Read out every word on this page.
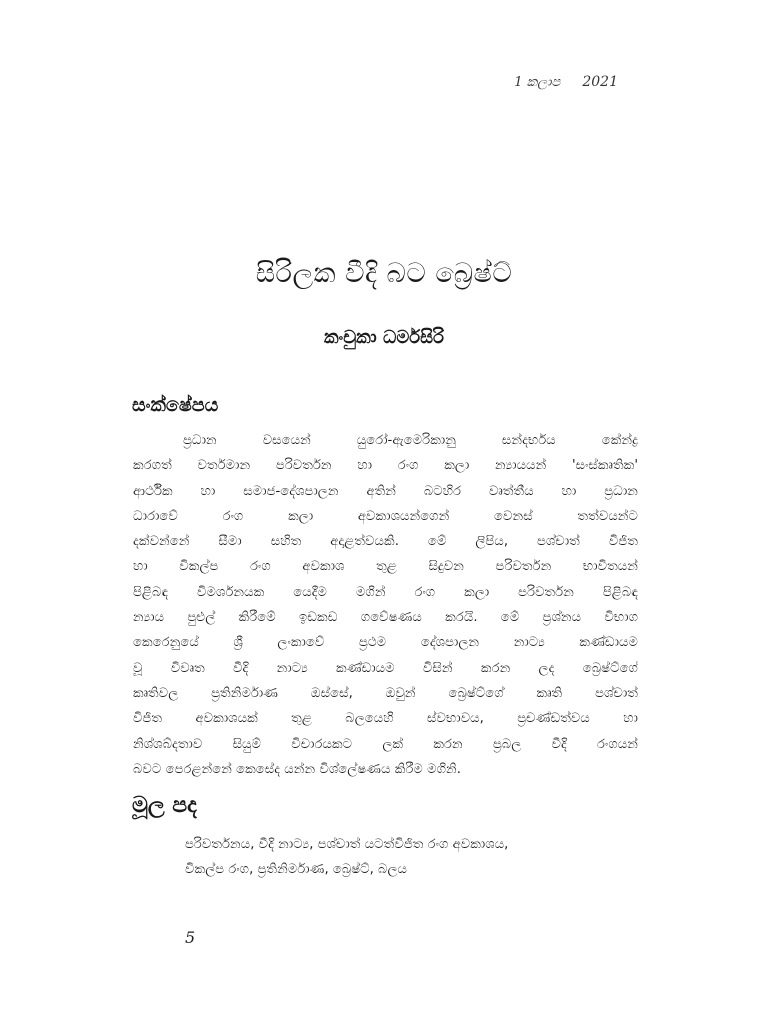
1 කලාප 2021
සිරිලක වීදි බට බ්‍රෙෂ්ට්
කංචුකා ධර්මසිරි
සංක්ෂේපය
ප්‍රධාන වසයෙන් යුරෝ-ඇමෙරිකානු සන්දර්භය කේන්ද්‍ර
කරගත් වර්තමාන පරිවර්තන හා රංග කලා න්‍යායයන් 'සංස්කෘතික'
ආර්ථික හා සමාජ-දේශපාලන අතින් බටහිර වෘත්තීය හා ප්‍රධාන
ධාරාවේ රංග කලා අවකාශයන්ගෙන් වෙනස් තත්වයන්ට
දක්වන්නේ සීමා සහිත අදාළත්වයකි. මේ ලිපිය, පශ්චාත් විජිත
හා විකල්ප රංග අවකාශ තුළ සිදුවන පරිවර්තන භාවිතයන්
පිළිබඳ විමර්ශනයක යෙදීම මගින් රංග කලා පරිවර්තන පිළිබඳ
න්‍යාය පුළුල් කිරීමේ ඉඩකඩ ගවේෂණය කරයි. මේ ප්‍රශ්නය විභාග
කෙරෙනුයේ ශ්‍රී ලංකාවේ ප්‍රථම දේශපාලන නාට්‍ය කණ්ඩායම
වූ විවෘත වීදි නාට්‍ය කණ්ඩායම විසින් කරන ලද බ්‍රෙෂ්ට්ගේ
කෘතිවල ප්‍රතිනිර්මාණ ඔස්සේ, ඔවුන් බ්‍රෙෂ්ට්ගේ කෘති පශ්චාත්
විජිත අවකාශයක් තුළ බලයෙහි ස්වභාවය, ප්‍රචණ්ඩත්වය හා
නිශ්ශබ්දතාව සියුම් විචාරයකට ලක් කරන ප්‍රබල වීදි රංගයන්
බවට පෙරළන්නේ කෙසේද යන්න විශ්ලේෂණය කිරීම මගිනි.
මූල පද
පරිවර්තනය, වීදි නාට්‍ය, පශ්චාත් යටත්විජිත රංග අවකාශය,
විකල්ප රංග, ප්‍රතිනිර්මාණ, බ්‍රෙෂ්ට්, බලය
5
